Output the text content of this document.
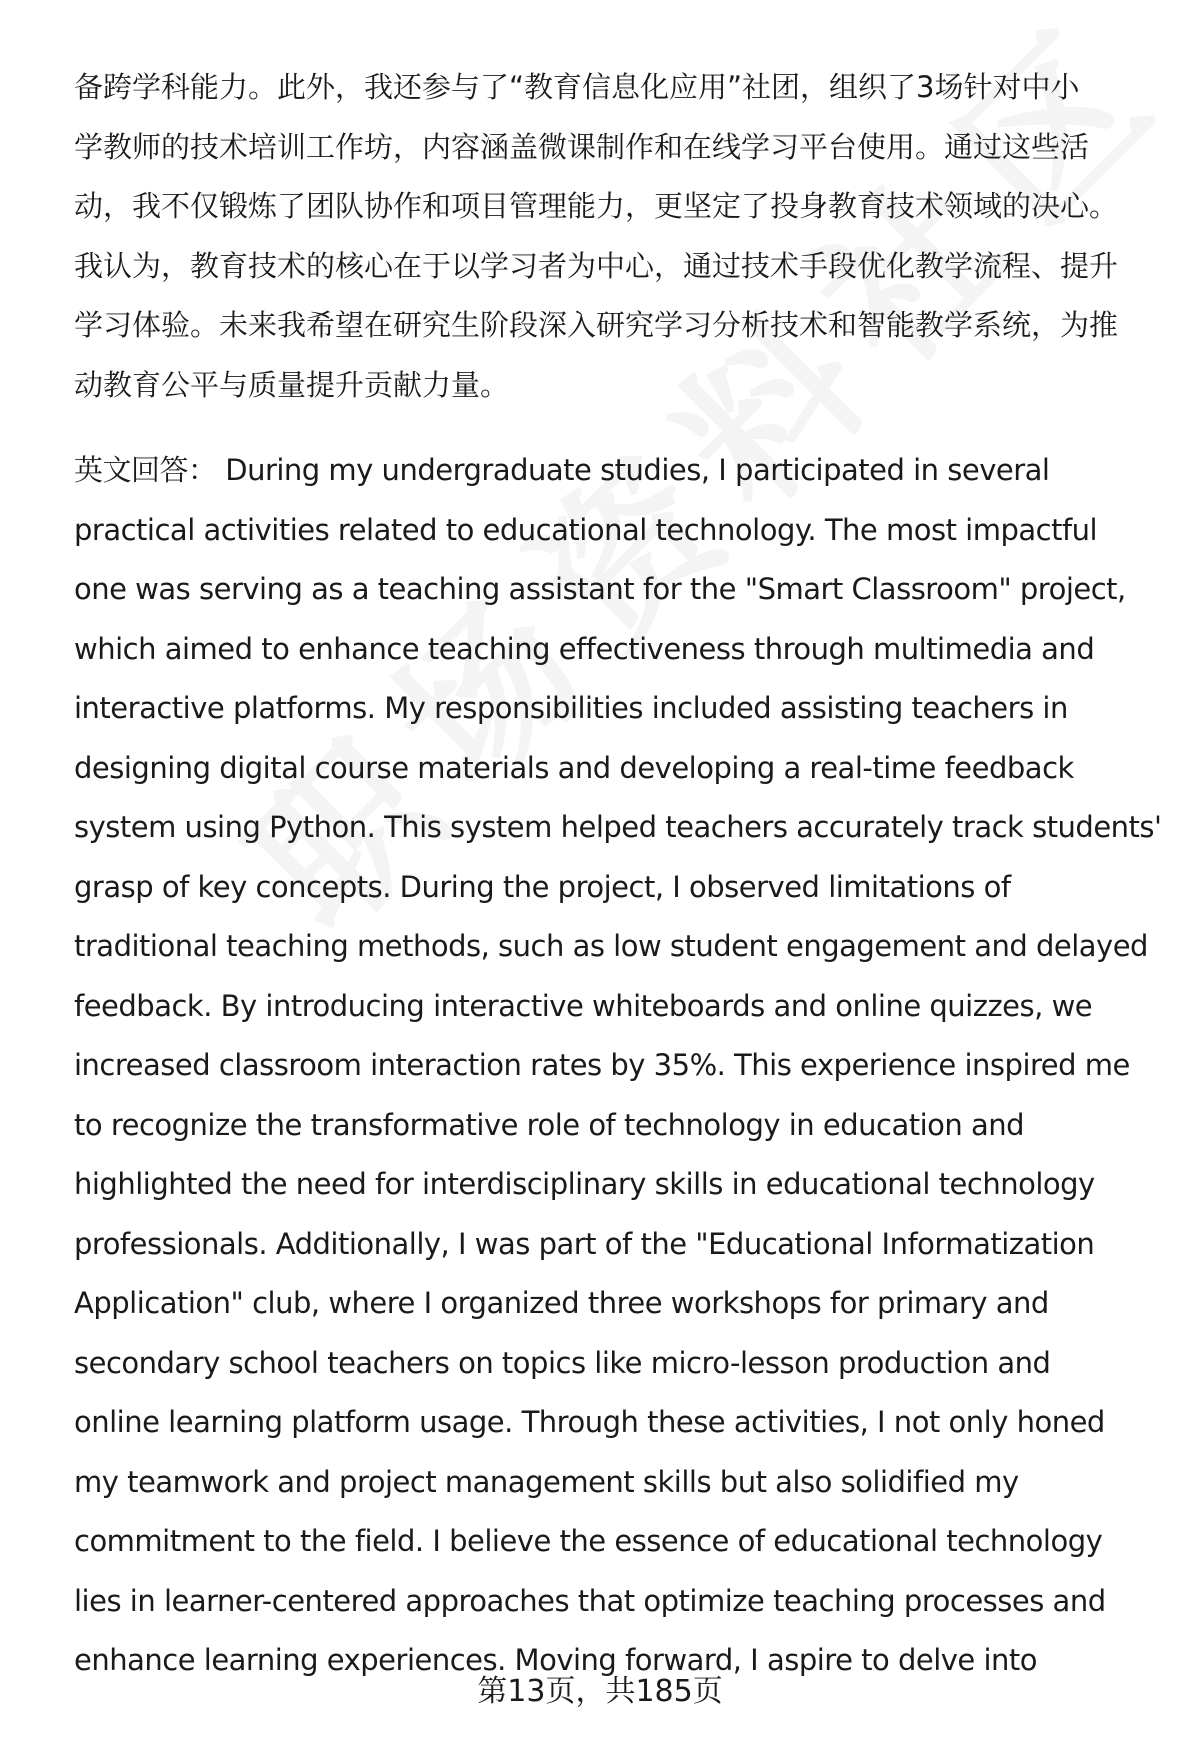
备跨学科能力。此外，我还参与了“教育信息化应用”社团，组织了3场针对中小
学教师的技术培训工作坊，内容涵盖微课制作和在线学习平台使用。通过这些活
动，我不仅锻炼了团队协作和项目管理能力，更坚定了投身教育技术领域的决心。
我认为，教育技术的核心在于以学习者为中心，通过技术手段优化教学流程、提升
学习体验。未来我希望在研究生阶段深入研究学习分析技术和智能教学系统，为推
动教育公平与质量提升贡献力量。
英文回答： During my undergraduate studies, I participated in several
practical activities related to educational technology. The most impactful
one was serving as a teaching assistant for the "Smart Classroom" project,
which aimed to enhance teaching effectiveness through multimedia and
interactive platforms. My responsibilities included assisting teachers in
designing digital course materials and developing a real-time feedback
system using Python. This system helped teachers accurately track students'
grasp of key concepts. During the project, I observed limitations of
traditional teaching methods, such as low student engagement and delayed
feedback. By introducing interactive whiteboards and online quizzes, we
increased classroom interaction rates by 35%. This experience inspired me
to recognize the transformative role of technology in education and
highlighted the need for interdisciplinary skills in educational technology
professionals. Additionally, I was part of the "Educational Informatization
Application" club, where I organized three workshops for primary and
secondary school teachers on topics like micro-lesson production and
online learning platform usage. Through these activities, I not only honed
my teamwork and project management skills but also solidified my
commitment to the field. I believe the essence of educational technology
lies in learner-centered approaches that optimize teaching processes and
enhance learning experiences. Moving forward, I aspire to delve into
第13页，共185页
